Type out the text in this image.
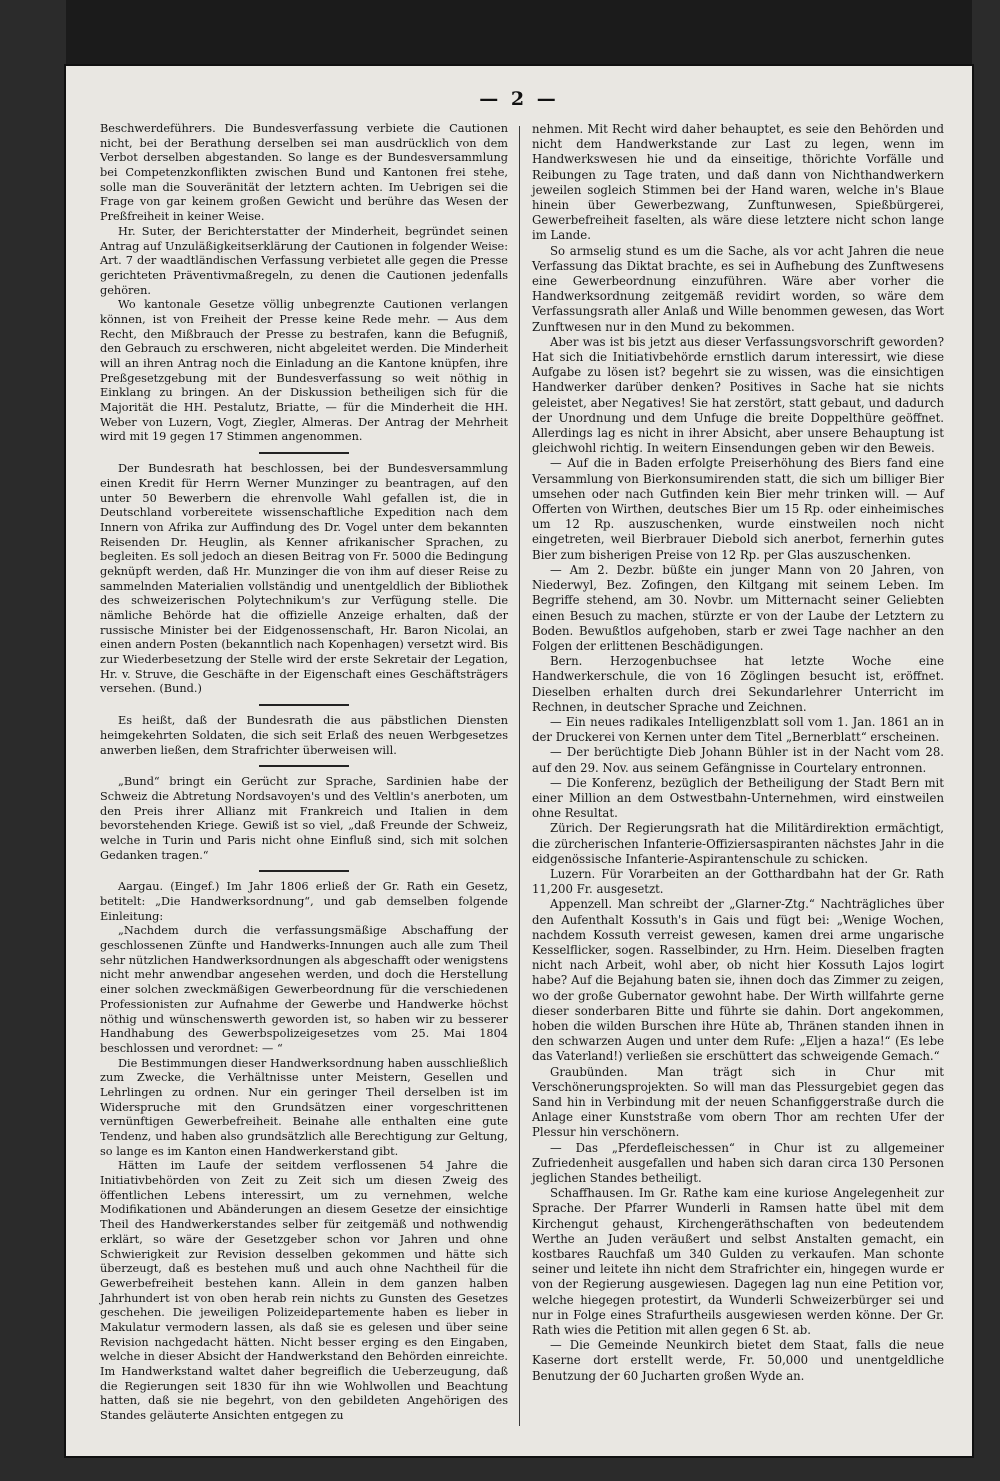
— 2 —

Beschwerdeführers. Die Bundesverfassung verbiete die Cautionen nicht, bei der Berathung derselben sei man ausdrücklich von dem Verbot derselben abgestanden. So lange es der Bundesversammlung bei Competenzkonflikten zwischen Bund und Kantonen frei stehe, solle man die Souveränität der letztern achten. Im Uebrigen sei die Frage von gar keinem großen Gewicht und berühre das Wesen der Preßfreiheit in keiner Weise.

Hr. Suter, der Berichterstatter der Minderheit, begründet seinen Antrag auf Unzuläßigkeitserklärung der Cautionen in folgender Weise: Art. 7 der waadtländischen Verfassung verbietet alle gegen die Presse gerichteten Präventivmaßregeln, zu denen die Cautionen jedenfalls gehören.

Wo kantonale Gesetze völlig unbegrenzte Cautionen verlangen können, ist von Freiheit der Presse keine Rede mehr. — Aus dem Recht, den Mißbrauch der Presse zu bestrafen, kann die Befugniß, den Gebrauch zu erschweren, nicht abgeleitet werden. Die Minderheit will an ihren Antrag noch die Einladung an die Kantone knüpfen, ihre Preßgesetzgebung mit der Bundesverfassung so weit nöthig in Einklang zu bringen. An der Diskussion betheiligen sich für die Majorität die HH. Pestalutz, Briatte, — für die Minderheit die HH. Weber von Luzern, Vogt, Ziegler, Almeras. Der Antrag der Mehrheit wird mit 19 gegen 17 Stimmen angenommen.

Der Bundesrath hat beschlossen, bei der Bundesversammlung einen Kredit für Herrn Werner Munzinger zu beantragen, auf den unter 50 Bewerbern die ehrenvolle Wahl gefallen ist, die in Deutschland vorbereitete wissenschaftliche Expedition nach dem Innern von Afrika zur Auffindung des Dr. Vogel unter dem bekannten Reisenden Dr. Heuglin, als Kenner afrikanischer Sprachen, zu begleiten. Es soll jedoch an diesen Beitrag von Fr. 5000 die Bedingung geknüpft werden, daß Hr. Munzinger die von ihm auf dieser Reise zu sammelnden Materialien vollständig und unentgeldlich der Bibliothek des schweizerischen Polytechnikum's zur Verfügung stelle. Die nämliche Behörde hat die offizielle Anzeige erhalten, daß der russische Minister bei der Eidgenossenschaft, Hr. Baron Nicolai, an einen andern Posten (bekanntlich nach Kopenhagen) versetzt wird. Bis zur Wiederbesetzung der Stelle wird der erste Sekretair der Legation, Hr. v. Struve, die Geschäfte in der Eigenschaft eines Geschäftsträgers versehen. (Bund.)

Es heißt, daß der Bundesrath die aus päbstlichen Diensten heimgekehrten Soldaten, die sich seit Erlaß des neuen Werbgesetzes anwerben ließen, dem Strafrichter überweisen will.

„Bund“ bringt ein Gerücht zur Sprache, Sardinien habe der Schweiz die Abtretung Nordsavoyen's und des Veltlin's anerboten, um den Preis ihrer Allianz mit Frankreich und Italien in dem bevorstehenden Kriege. Gewiß ist so viel, „daß Freunde der Schweiz, welche in Turin und Paris nicht ohne Einfluß sind, sich mit solchen Gedanken tragen.“

Aargau. (Eingef.) Im Jahr 1806 erließ der Gr. Rath ein Gesetz, betitelt: „Die Handwerksordnung“, und gab demselben folgende Einleitung:

„Nachdem durch die verfassungsmäßige Abschaffung der geschlossenen Zünfte und Handwerks-Innungen auch alle zum Theil sehr nützlichen Handwerksordnungen als abgeschafft oder wenigstens nicht mehr anwendbar angesehen werden, und doch die Herstellung einer solchen zweckmäßigen Gewerbeordnung für die verschiedenen Professionisten zur Aufnahme der Gewerbe und Handwerke höchst nöthig und wünschenswerth geworden ist, so haben wir zu besserer Handhabung des Gewerbspolizeigesetzes vom 25. Mai 1804 beschlossen und verordnet: — “

Die Bestimmungen dieser Handwerksordnung haben ausschließlich zum Zwecke, die Verhältnisse unter Meistern, Gesellen und Lehrlingen zu ordnen. Nur ein geringer Theil derselben ist im Widerspruche mit den Grundsätzen einer vorgeschrittenen vernünftigen Gewerbefreiheit. Beinahe alle enthalten eine gute Tendenz, und haben also grundsätzlich alle Berechtigung zur Geltung, so lange es im Kanton einen Handwerkerstand gibt.

Hätten im Laufe der seitdem verflossenen 54 Jahre die Initiativbehörden von Zeit zu Zeit sich um diesen Zweig des öffentlichen Lebens interessirt, um zu vernehmen, welche Modifikationen und Abänderungen an diesem Gesetze der einsichtige Theil des Handwerkerstandes selber für zeitgemäß und nothwendig erklärt, so wäre der Gesetzgeber schon vor Jahren und ohne Schwierigkeit zur Revision desselben gekommen und hätte sich überzeugt, daß es bestehen muß und auch ohne Nachtheil für die Gewerbefreiheit bestehen kann. Allein in dem ganzen halben Jahrhundert ist von oben herab rein nichts zu Gunsten des Gesetzes geschehen. Die jeweiligen Polizeidepartemente haben es lieber in Makulatur vermodern lassen, als daß sie es gelesen und über seine Revision nachgedacht hätten. Nicht besser erging es den Eingaben, welche in dieser Absicht der Handwerkstand den Behörden einreichte. Im Handwerkstand waltet daher begreiflich die Ueberzeugung, daß die Regierungen seit 1830 für ihn wie Wohlwollen und Beachtung hatten, daß sie nie begehrt, von den gebildeten Angehörigen des Standes geläuterte Ansichten entgegen zu

nehmen. Mit Recht wird daher behauptet, es seie den Behörden und nicht dem Handwerkstande zur Last zu legen, wenn im Handwerkswesen hie und da einseitige, thörichte Vorfälle und Reibungen zu Tage traten, und daß dann von Nichthandwerkern jeweilen sogleich Stimmen bei der Hand waren, welche in's Blaue hinein über Gewerbezwang, Zunftunwesen, Spießbürgerei, Gewerbefreiheit faselten, als wäre diese letztere nicht schon lange im Lande.

So armselig stund es um die Sache, als vor acht Jahren die neue Verfassung das Diktat brachte, es sei in Aufhebung des Zunftwesens eine Gewerbeordnung einzuführen. Wäre aber vorher die Handwerksordnung zeitgemäß revidirt worden, so wäre dem Verfassungsrath aller Anlaß und Wille benommen gewesen, das Wort Zunftwesen nur in den Mund zu bekommen.

Aber was ist bis jetzt aus dieser Verfassungsvorschrift geworden? Hat sich die Initiativbehörde ernstlich darum interessirt, wie diese Aufgabe zu lösen ist? begehrt sie zu wissen, was die einsichtigen Handwerker darüber denken? Positives in Sache hat sie nichts geleistet, aber Negatives! Sie hat zerstört, statt gebaut, und dadurch der Unordnung und dem Unfuge die breite Doppelthüre geöffnet. Allerdings lag es nicht in ihrer Absicht, aber unsere Behauptung ist gleichwohl richtig. In weitern Einsendungen geben wir den Beweis.

— Auf die in Baden erfolgte Preiserhöhung des Biers fand eine Versammlung von Bierkonsumirenden statt, die sich um billiger Bier umsehen oder nach Gutfinden kein Bier mehr trinken will. — Auf Offerten von Wirthen, deutsches Bier um 15 Rp. oder einheimisches um 12 Rp. auszuschenken, wurde einstweilen noch nicht eingetreten, weil Bierbrauer Diebold sich anerbot, fernerhin gutes Bier zum bisherigen Preise von 12 Rp. per Glas auszuschenken.

— Am 2. Dezbr. büßte ein junger Mann von 20 Jahren, von Niederwyl, Bez. Zofingen, den Kiltgang mit seinem Leben. Im Begriffe stehend, am 30. Novbr. um Mitternacht seiner Geliebten einen Besuch zu machen, stürzte er von der Laube der Letztern zu Boden. Bewußtlos aufgehoben, starb er zwei Tage nachher an den Folgen der erlittenen Beschädigungen.

Bern. Herzogenbuchsee hat letzte Woche eine Handwerkerschule, die von 16 Zöglingen besucht ist, eröffnet. Dieselben erhalten durch drei Sekundarlehrer Unterricht im Rechnen, in deutscher Sprache und Zeichnen.

— Ein neues radikales Intelligenzblatt soll vom 1. Jan. 1861 an in der Druckerei von Kernen unter dem Titel „Bernerblatt“ erscheinen.

— Der berüchtigte Dieb Johann Bühler ist in der Nacht vom 28. auf den 29. Nov. aus seinem Gefängnisse in Courtelary entronnen.

— Die Konferenz, bezüglich der Betheiligung der Stadt Bern mit einer Million an dem Ostwestbahn-Unternehmen, wird einstweilen ohne Resultat.

Zürich. Der Regierungsrath hat die Militärdirektion ermächtigt, die zürcherischen Infanterie-Offiziersaspiranten nächstes Jahr in die eidgenössische Infanterie-Aspirantenschule zu schicken.

Luzern. Für Vorarbeiten an der Gotthardbahn hat der Gr. Rath 11,200 Fr. ausgesetzt.

Appenzell. Man schreibt der „Glarner-Ztg.“ Nachträgliches über den Aufenthalt Kossuth's in Gais und fügt bei: „Wenige Wochen, nachdem Kossuth verreist gewesen, kamen drei arme ungarische Kesselflicker, sogen. Rasselbinder, zu Hrn. Heim. Dieselben fragten nicht nach Arbeit, wohl aber, ob nicht hier Kossuth Lajos logirt habe? Auf die Bejahung baten sie, ihnen doch das Zimmer zu zeigen, wo der große Gubernator gewohnt habe. Der Wirth willfahrte gerne dieser sonderbaren Bitte und führte sie dahin. Dort angekommen, hoben die wilden Burschen ihre Hüte ab, Thränen standen ihnen in den schwarzen Augen und unter dem Rufe: „Eljen a haza!“ (Es lebe das Vaterland!) verließen sie erschüttert das schweigende Gemach.“

Graubünden. Man trägt sich in Chur mit Verschönerungsprojekten. So will man das Plessurgebiet gegen das Sand hin in Verbindung mit der neuen Schanfiggerstraße durch die Anlage einer Kunststraße vom obern Thor am rechten Ufer der Plessur hin verschönern.

— Das „Pferdefleischessen“ in Chur ist zu allgemeiner Zufriedenheit ausgefallen und haben sich daran circa 130 Personen jeglichen Standes betheiligt.

Schaffhausen. Im Gr. Rathe kam eine kuriose Angelegenheit zur Sprache. Der Pfarrer Wunderli in Ramsen hatte übel mit dem Kirchengut gehaust, Kirchengeräthschaften von bedeutendem Werthe an Juden veräußert und selbst Anstalten gemacht, ein kostbares Rauchfaß um 340 Gulden zu verkaufen. Man schonte seiner und leitete ihn nicht dem Strafrichter ein, hingegen wurde er von der Regierung ausgewiesen. Dagegen lag nun eine Petition vor, welche hiegegen protestirt, da Wunderli Schweizerbürger sei und nur in Folge eines Strafurtheils ausgewiesen werden könne. Der Gr. Rath wies die Petition mit allen gegen 6 St. ab.

— Die Gemeinde Neunkirch bietet dem Staat, falls die neue Kaserne dort erstellt werde, Fr. 50,000 und unentgeldliche Benutzung der 60 Jucharten großen Wyde an.
